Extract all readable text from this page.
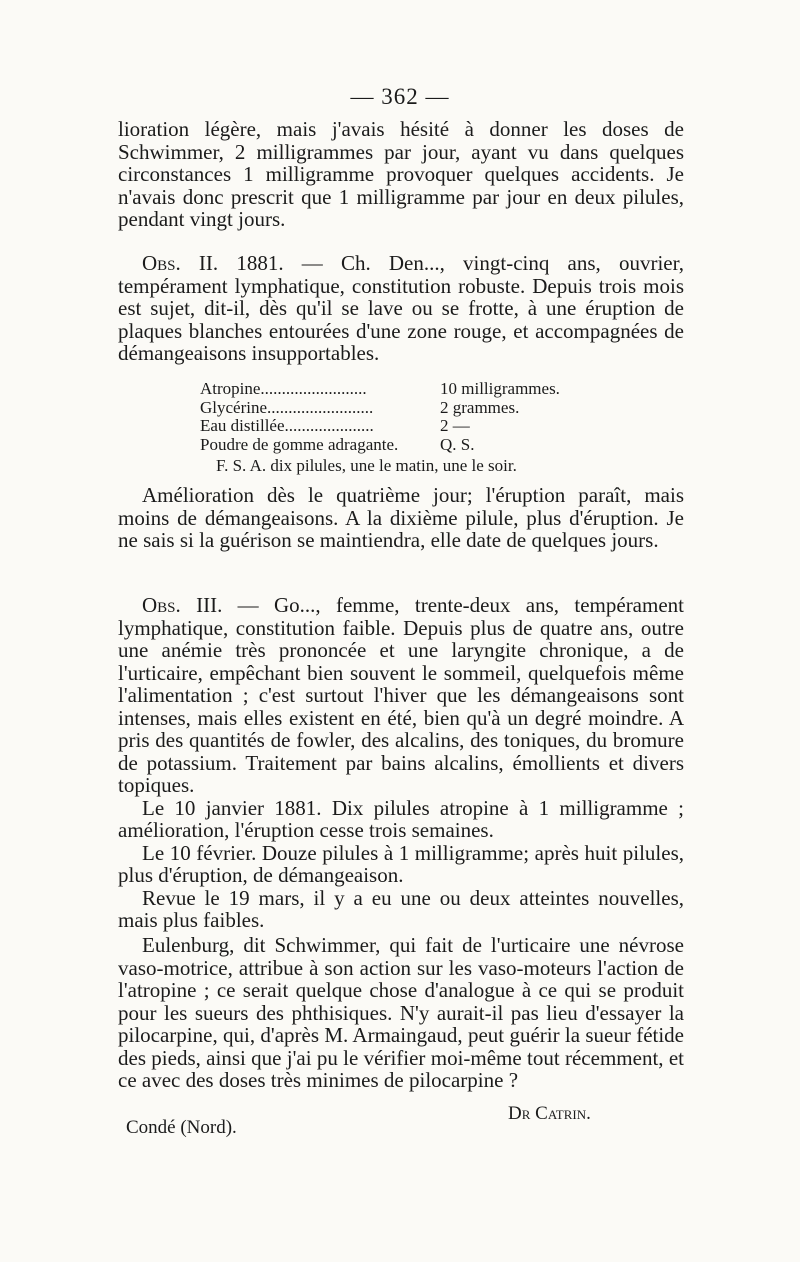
— 362 —

lioration légère, mais j'avais hésité à donner les doses de Schwimmer, 2 milligrammes par jour, ayant vu dans quelques circonstances 1 milligramme provoquer quelques accidents. Je n'avais donc prescrit que 1 milligramme par jour en deux pilules, pendant vingt jours.

Obs. II. 1881. — Ch. Den..., vingt-cinq ans, ouvrier, tempérament lymphatique, constitution robuste. Depuis trois mois est sujet, dit-il, dès qu'il se lave ou se frotte, à une éruption de plaques blanches entourées d'une zone rouge, et accompagnées de démangeaisons insupportables.

Atropine.........................	10 milligrammes.
Glycérine.........................	2 grammes.
Eau distillée.....................	2 —
Poudre de gomme adragante.	Q. S.
F. S. A. dix pilules, une le matin, une le soir.

Amélioration dès le quatrième jour; l'éruption paraît, mais moins de démangeaisons. A la dixième pilule, plus d'éruption. Je ne sais si la guérison se maintiendra, elle date de quelques jours.

Obs. III. — Go..., femme, trente-deux ans, tempérament lymphatique, constitution faible. Depuis plus de quatre ans, outre une anémie très prononcée et une laryngite chronique, a de l'urticaire, empêchant bien souvent le sommeil, quelquefois même l'alimentation ; c'est surtout l'hiver que les démangeaisons sont intenses, mais elles existent en été, bien qu'à un degré moindre. A pris des quantités de fowler, des alcalins, des toniques, du bromure de potassium. Traitement par bains alcalins, émollients et divers topiques.

Le 10 janvier 1881. Dix pilules atropine à 1 milligramme ; amélioration, l'éruption cesse trois semaines.

Le 10 février. Douze pilules à 1 milligramme; après huit pilules, plus d'éruption, de démangeaison.

Revue le 19 mars, il y a eu une ou deux atteintes nouvelles, mais plus faibles.

Eulenburg, dit Schwimmer, qui fait de l'urticaire une névrose vaso-motrice, attribue à son action sur les vaso-moteurs l'action de l'atropine ; ce serait quelque chose d'analogue à ce qui se produit pour les sueurs des phthisiques. N'y aurait-il pas lieu d'essayer la pilocarpine, qui, d'après M. Armaingaud, peut guérir la sueur fétide des pieds, ainsi que j'ai pu le vérifier moi-même tout récemment, et ce avec des doses très minimes de pilocarpine ?

Dr Catrin.
Condé (Nord).
